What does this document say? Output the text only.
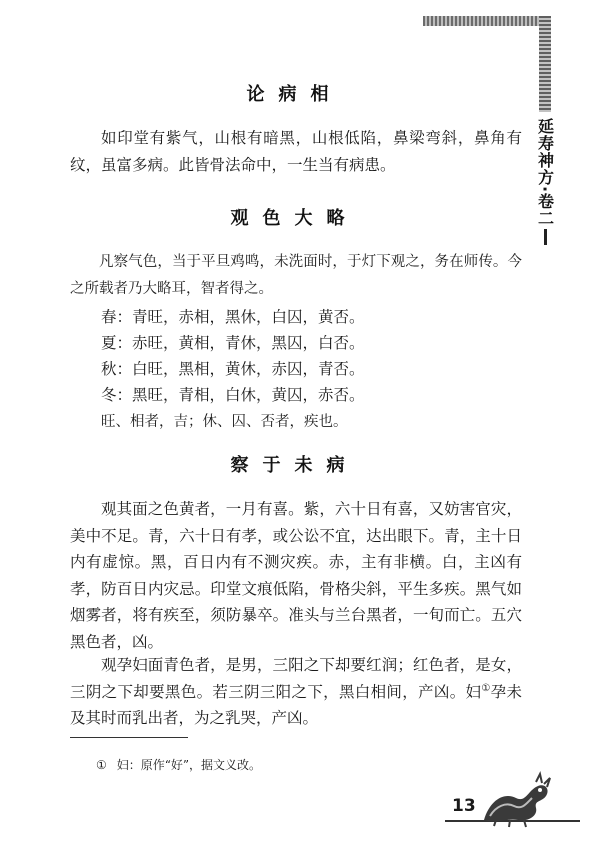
延寿神方·卷二
论病相

如印堂有紫气，山根有暗黑，山根低陷，鼻梁弯斜，鼻角有纹，虽富多病。此皆骨法命中，一生当有病患。

观色大略

凡察气色，当于平旦鸡鸣，未洗面时，于灯下观之，务在师传。今之所载者乃大略耳，智者得之。

春：青旺，赤相，黑休，白囚，黄否。

夏：赤旺，黄相，青休，黑囚，白否。

秋：白旺，黑相，黄休，赤囚，青否。

冬：黑旺，青相，白休，黄囚，赤否。

旺、相者，吉；休、囚、否者，疾也。

察于未病

观其面之色黄者，一月有喜。紫，六十日有喜，又妨害官灾，美中不足。青，六十日有孝，或公讼不宜，达出眼下。青，主十日内有虚惊。黑，百日内有不测灾疾。赤，主有非横。白，主凶有孝，防百日内灾忌。印堂文痕低陷，骨格尖斜，平生多疾。黑气如烟雾者，将有疾至，须防暴卒。准头与兰台黑者，一旬而亡。五穴黑色者，凶。

观孕妇面青色者，是男，三阳之下却要红润；红色者，是女，三阴之下却要黑色。若三阴三阳之下，黑白相间，产凶。妇①孕未及其时而乳出者，为之乳哭，产凶。

① 妇：原作“好”，据文义改。
13
